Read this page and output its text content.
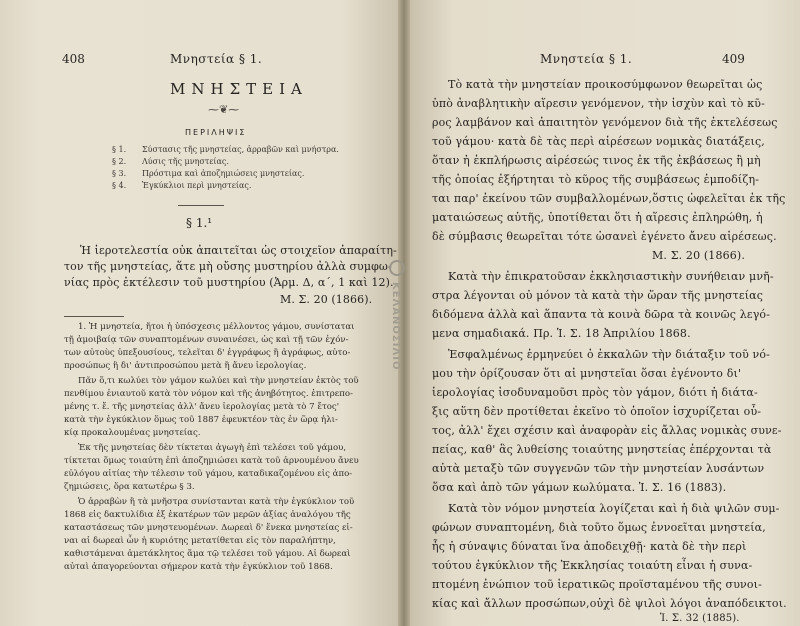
408	Μνηστεία § 1.
ΜΝΗΣΤΕΙΑ
⁓❦⁓
ΠΕΡΙΛΗΨΙΣ
§ 1. Σύστασις τῆς μνηστείας, ἀρραβῶν καὶ μνήστρα.
§ 2. Λύσις τῆς μνηστείας.
§ 3. Πρόστιμα καὶ ἀποζημιώσεις μνηστείας.
§ 4. Ἐγκύκλιοι περὶ μνηστείας.
§ 1.¹
Ἡ ἱεροτελεστία οὐκ ἀπαιτεῖται ὡς στοιχεῖον ἀπαραίτη-
τον τῆς μνηστείας, ἅτε μὴ οὔσης μυστηρίου ἀλλὰ συμφω-
νίας πρὸς ἐκτέλεσιν τοῦ μυστηρίου (Ἀρμ. Δ, α΄, 1 καὶ 12).
Μ. Σ. 20 (1866).
1. Ἡ μνηστεία, ἤτοι ἡ ὑπόσχεσις μέλλοντος γάμου, συνίσταται
τῇ ἀμοιβαίᾳ τῶν συναπτομένων συναινέσει, ὡς καὶ τῇ τῶν ἐχόν-
των αὐτοὺς ὑπεξουσίους, τελεῖται δ' ἐγγράφως ἢ ἀγράφως, αὐτο-
προσώπως ἢ δι' ἀντιπροσώπου μετὰ ἢ ἄνευ ἱερολογίας.
Πᾶν ὅ,τι κωλύει τὸν γάμον κωλύει καὶ τὴν μνηστείαν ἐκτὸς τοῦ
πενθίμου ἐνιαυτοῦ κατὰ τὸν νόμον καὶ τῆς ἀνηβότητος. ἐπιτρεπο-
μένης τ. ἔ. τῆς μνηστείας ἀλλ' ἄνευ ἱερολογίας μετὰ τὸ 7 ἔτος'
κατὰ τὴν ἐγκύκλιον ὅμως τοῦ 1887 ἐφευκτέον τὰς ἐν ὥρᾳ ἡλι-
κίᾳ προκαλουμένας μνηστείας.
Ἐκ τῆς μνηστείας δὲν τίκτεται ἀγωγὴ ἐπὶ τελέσει τοῦ γάμου,
τίκτεται ὅμως τοιαύτη ἐπὶ ἀποζημιώσει κατὰ τοῦ ἀρνουμένου ἄνευ
εὐλόγου αἰτίας τὴν τέλεσιν τοῦ γάμου, καταδικαζομένου εἰς ἀπο-
ζημιώσεις, ὅρα κατωτέρω § 3.
Ὁ ἀρραβὼν ἢ τὰ μνῆστρα συνίστανται κατὰ τὴν ἐγκύκλιον τοῦ
1868 εἰς δακτυλίδια ἐξ ἑκατέρων τῶν μερῶν ἀξίας ἀναλόγου τῆς
καταστάσεως τῶν μνηστευομένων. Δωρεαὶ δ' ἕνεκα μνηστείας εἰ-
ναι αἱ δωρεαὶ ὧν ἡ κυριότης μετατίθεται εἰς τὸν παραλήπτην,
καθιστάμεναι ἀμετάκλητος ἅμα τῷ τελέσει τοῦ γάμου. Αἱ δωρεαὶ
αὐταὶ ἀπαγορεύονται σήμερον κατὰ τὴν ἐγκύκλιον τοῦ 1868.
ΚΕΛΑΝΟΣΙΛΙΟ
Μνηστεία § 1.	409
Τὸ κατὰ τὴν μνηστείαν προικοσύμφωνον θεωρεῖται ὡς
ὑπὸ ἀναβλητικὴν αἵρεσιν γενόμενον, τὴν ἰσχὺν καὶ τὸ κῦ-
ρος λαμβάνον καὶ ἀπαιτητὸν γενόμενον διὰ τῆς ἐκτελέσεως
τοῦ γάμου· κατὰ δὲ τὰς περὶ αἱρέσεων νομικὰς διατάξεις,
ὅταν ἡ ἐκπλήρωσις αἱρέσεώς τινος ἐκ τῆς ἐκβάσεως ἢ μὴ
τῆς ὁποίας ἐξήρτηται τὸ κῦρος τῆς συμβάσεως ἐμποδίζη-
ται παρ' ἐκείνου τῶν συμβαλλομένων,ὅστις ὠφελεῖται ἐκ τῆς
ματαιώσεως αὐτῆς, ὑποτίθεται ὅτι ἡ αἵρεσις ἐπληρώθη, ἡ
δὲ σύμβασις θεωρεῖται τότε ὡσανεὶ ἐγένετο ἄνευ αἱρέσεως.
Μ. Σ. 20 (1866).
Κατὰ τὴν ἐπικρατοῦσαν ἐκκλησιαστικὴν συνήθειαν μνῆ-
στρα λέγονται οὐ μόνον τὰ κατὰ τὴν ὥραν τῆς μνηστείας
διδόμενα ἀλλὰ καὶ ἅπαντα τὰ κοινὰ δῶρα τὰ κοινῶς λεγό-
μενα σημαδιακά. Πρ. Ἱ. Σ. 18 Ἀπριλίου 1868.
Ἐσφαλμένως ἑρμηνεύει ὁ ἐκκαλῶν τὴν διάταξιν τοῦ νό-
μου τὴν ὁρίζουσαν ὅτι αἱ μνηστεῖαι ὅσαι ἐγένοντο δι'
ἱερολογίας ἰσοδυναμοῦσι πρὸς τὸν γάμον, διότι ἡ διάτα-
ξις αὕτη δὲν προτίθεται ἐκεῖνο τὸ ὁποῖον ἰσχυρίζεται οὗ-
τος, ἀλλ' ἔχει σχέσιν καὶ ἀναφορὰν εἰς ἄλλας νομικὰς συνε-
πείας, καθ' ἃς λυθείσης τοιαύτης μνηστείας ἐπέρχονται τὰ
αὐτὰ μεταξὺ τῶν συγγενῶν τῶν τὴν μνηστείαν λυσάντων
ὅσα καὶ ἀπὸ τῶν γάμων κωλύματα. Ἱ. Σ. 16 (1883).
Κατὰ τὸν νόμον μνηστεία λογίζεται καὶ ἡ διὰ ψιλῶν συμ-
φώνων συναπτομένη, διὰ τοῦτο ὅμως ἐννοεῖται μνηστεία,
ἧς ἡ σύναψις δύναται ἵνα ἀποδειχθῇ· κατὰ δὲ τὴν περὶ
τούτου ἐγκύκλιον τῆς Ἐκκλησίας τοιαύτη εἶναι ἡ συνα-
πτομένη ἐνώπιον τοῦ ἱερατικῶς προϊσταμένου τῆς συνοι-
κίας καὶ ἄλλων προσώπων,οὐχὶ δὲ ψιλοὶ λόγοι ἀναπόδεικτοι.
Ἱ. Σ. 32 (1885).
